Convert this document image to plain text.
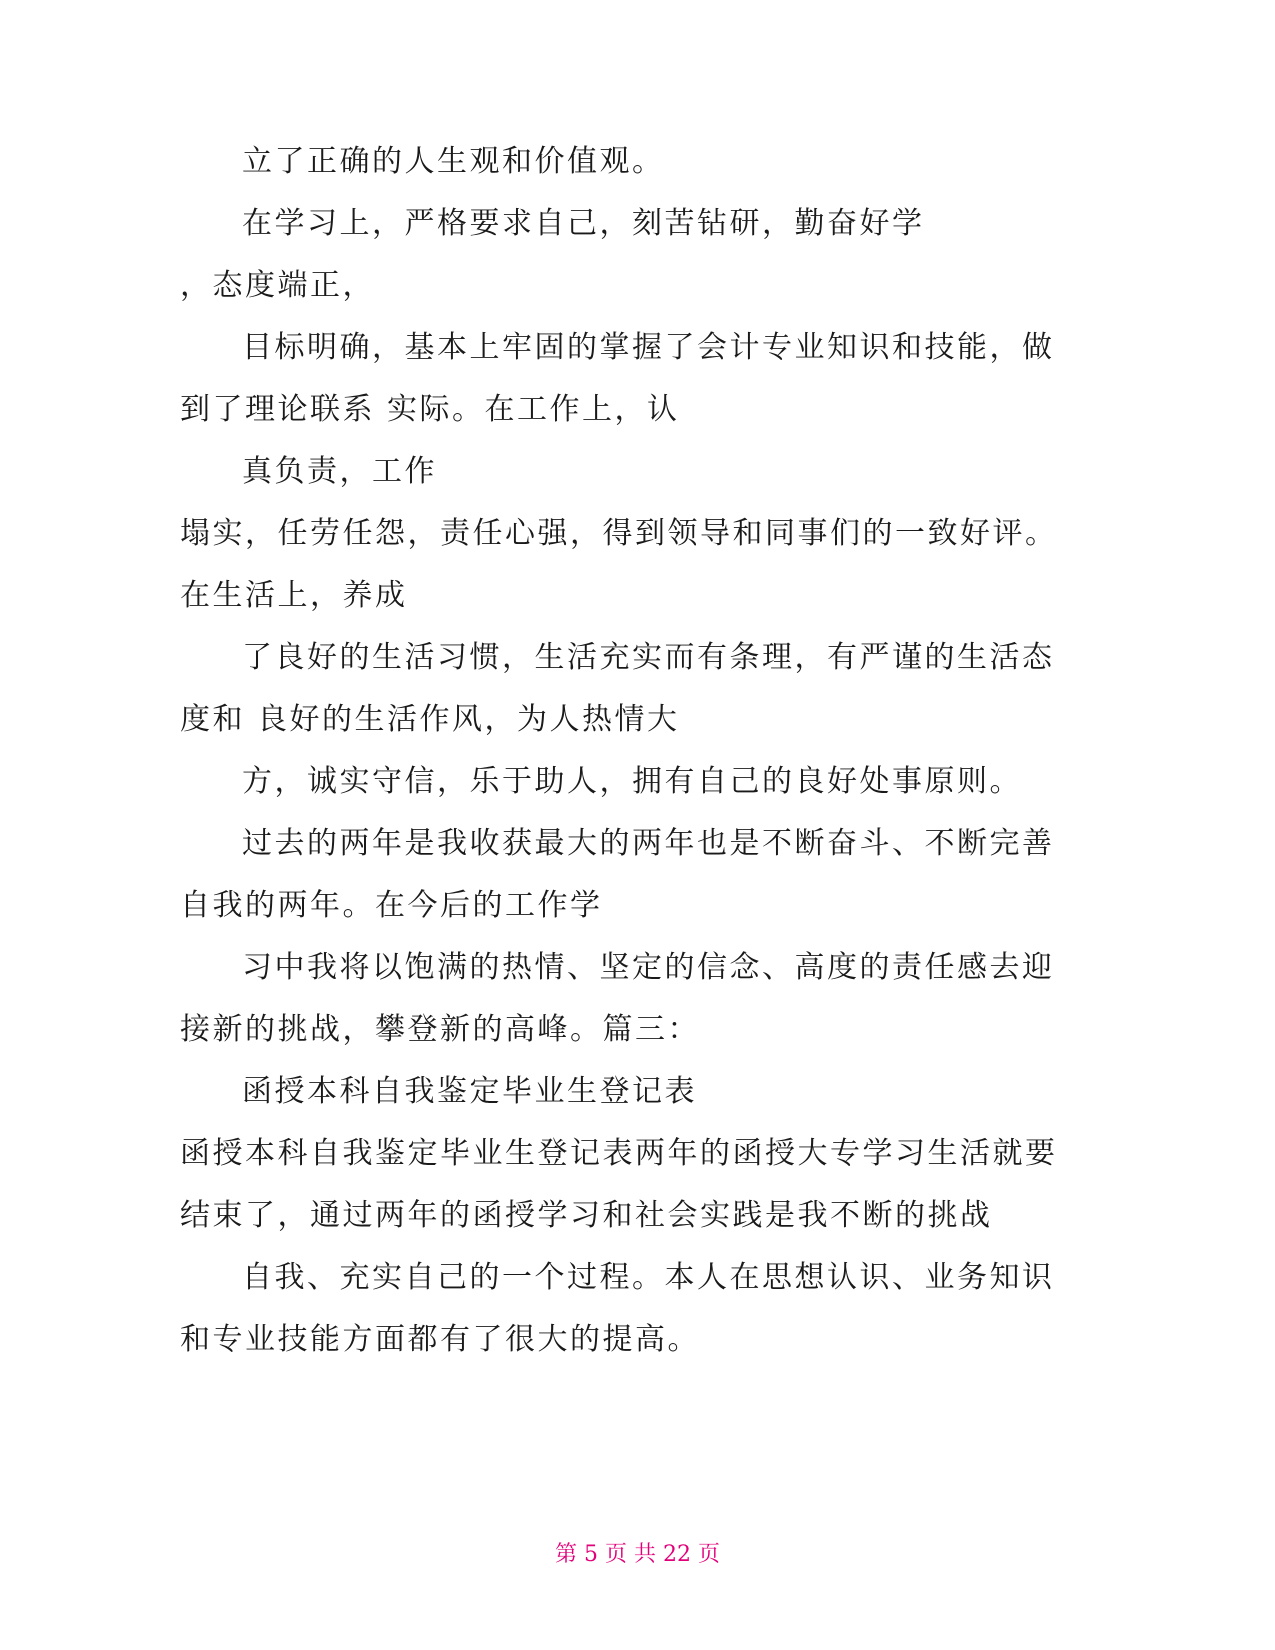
立了正确的人生观和价值观。
在学习上，严格要求自己，刻苦钻研，勤奋好学
，态度端正，
目标明确，基本上牢固的掌握了会计专业知识和技能，做
到了理论联系 实际。在工作上，认
真负责，工作
塌实，任劳任怨，责任心强，得到领导和同事们的一致好评。
在生活上，养成
了良好的生活习惯，生活充实而有条理，有严谨的生活态
度和 良好的生活作风，为人热情大
方，诚实守信，乐于助人，拥有自己的良好处事原则。
过去的两年是我收获最大的两年也是不断奋斗、不断完善
自我的两年。在今后的工作学
习中我将以饱满的热情、坚定的信念、高度的责任感去迎
接新的挑战，攀登新的高峰。篇三：
函授本科自我鉴定毕业生登记表
函授本科自我鉴定毕业生登记表两年的函授大专学习生活就要
结束了，通过两年的函授学习和社会实践是我不断的挑战
自我、充实自己的一个过程。本人在思想认识、业务知识
和专业技能方面都有了很大的提高。
第 5 页 共 22 页
